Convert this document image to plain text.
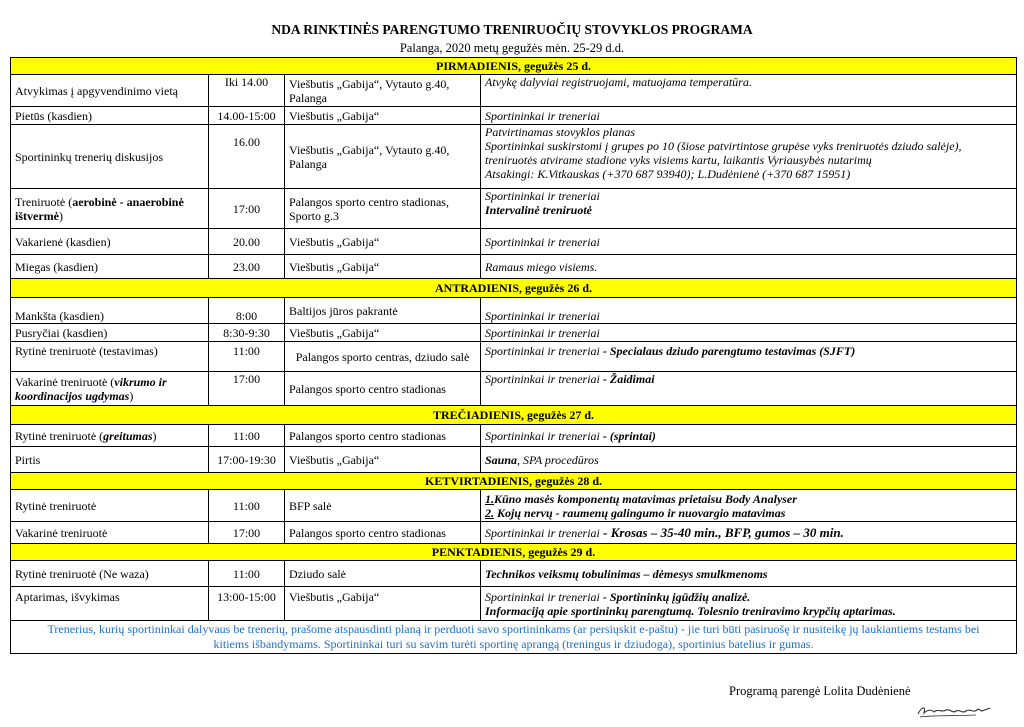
NDA RINKTINĖS PARENGTUMO TRENIRUOČIŲ STOVYKLOS PROGRAMA
Palanga, 2020 metų gegužės mėn. 25-29 d.d.
PIRMADIENIS, gegužės 25 d.			
Atvykimas į apgyvendinimo vietą	Iki 14.00	Viešbutis „Gabija“, Vytauto g.40, Palanga	Atvykę dalyviai registruojami, matuojama temperatūra.
Pietūs (kasdien)	14.00-15:00	Viešbutis „Gabija“	Sportininkai ir treneriai
Sportininkų trenerių diskusijos	16.00	Viešbutis „Gabija“, Vytauto g.40, Palanga	Patvirtinamas stovyklos planas
Sportininkai suskirstomi į grupes po 10 (šiose patvirtintose grupėse vyks treniruotės dziudo salėje), treniruotės atvirame stadione vyks visiems kartu, laikantis Vyriausybės nutarimų
Atsakingi: K.Vitkauskas (+370 687 93940); L.Dudėnienė (+370 687 15951)

Treniruotė (aerobinė - anaerobinė ištvermė)	17:00	Palangos sporto centro stadionas, Sporto g.3	Sportininkai ir treneriai
Intervalinė treniruotė

Vakarienė (kasdien)	20.00	Viešbutis „Gabija“	Sportininkai ir treneriai
Miegas (kasdien)	23.00	Viešbutis „Gabija“	Ramaus miego visiems.
ANTRADIENIS, gegužės 26 d.			
Mankšta (kasdien)	8:00	Baltijos jūros pakrantė	Sportininkai ir treneriai
Pusryčiai (kasdien)	8:30-9:30	Viešbutis „Gabija“	Sportininkai ir treneriai
Rytinė treniruotė (testavimas)	11:00	Palangos sporto centras, dziudo salė	Sportininkai ir treneriai - Specialaus dziudo parengtumo testavimas (SJFT)
Vakarinė treniruotė (vikrumo ir koordinacijos ugdymas)	17:00	Palangos sporto centro stadionas	Sportininkai ir treneriai - Žaidimai
TREČIADIENIS, gegužės 27 d.			
Rytinė treniruotė (greitumas)	11:00	Palangos sporto centro stadionas	Sportininkai ir treneriai - (sprintai)
Pirtis	17:00-19:30	Viešbutis „Gabija“	Sauna, SPA procedūros
KETVIRTADIENIS, gegužės 28 d.			
Rytinė treniruotė	11:00	BFP salė	1.Kūno masės komponentų matavimas prietaisu Body Analyser
2. Kojų nervų - raumenų galingumo ir nuovargio matavimas

Vakarinė treniruotė	17:00	Palangos sporto centro stadionas	Sportininkai ir treneriai - Krosas – 35-40 min., BFP, gumos – 30 min.
PENKTADIENIS, gegužės 29 d.			
Rytinė treniruotė (Ne waza)	11:00	Dziudo salė	Technikos veiksmų tobulinimas – dėmesys smulkmenoms
Aptarimas, išvykimas	13:00-15:00	Viešbutis „Gabija“	Sportininkai ir treneriai - Sportininkų įgūdžių analizė.
Informaciją apie sportininkų parengtumą. Tolesnio treniravimo krypčių aptarimas.

Trenerius, kurių sportininkai dalyvaus be trenerių, prašome atspausdinti planą ir perduoti savo sportininkams (ar persiųskit e-paštu) - jie turi būti pasiruošę ir nusiteikę jų laukiantiems testams bei kitiems išbandymams. Sportininkai turi su savim turėti sportinę aprangą (treningus ir dziudoga), sportinius batelius ir gumas.			
Programą parengė Lolita Dudėnienė
